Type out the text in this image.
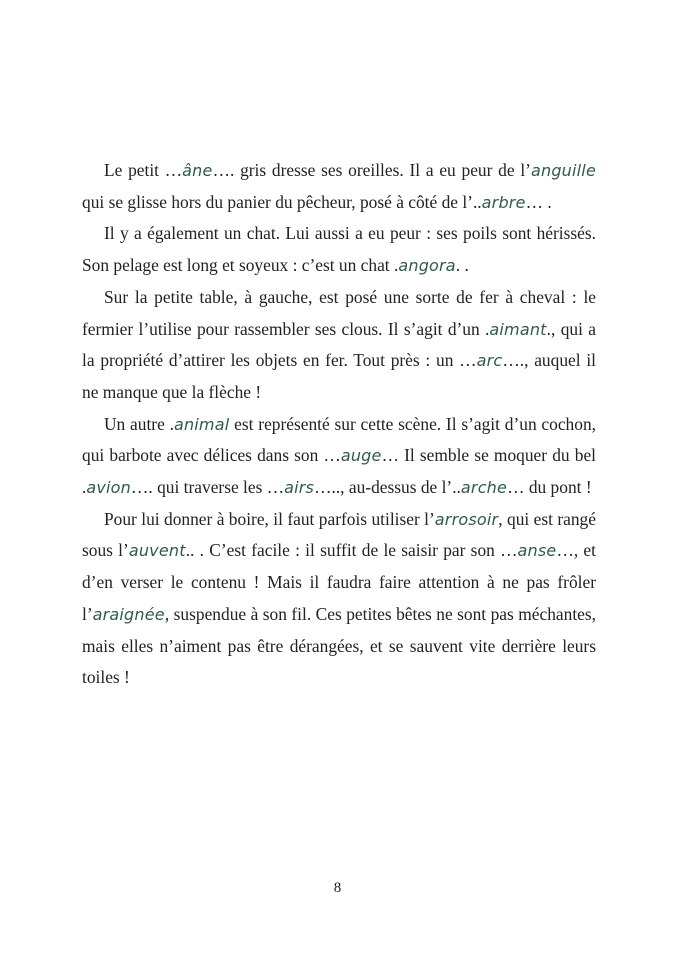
Le petit …âne…. gris dresse ses oreilles. Il a eu peur de l’anguille qui se glisse hors du panier du pêcheur, posé à côté de l’..arbre… .

Il y a également un chat. Lui aussi a eu peur : ses poils sont hérissés. Son pelage est long et soyeux : c’est un chat .angora. .

Sur la petite table, à gauche, est posé une sorte de fer à cheval : le fermier l’utilise pour rassembler ses clous. Il s’agit d’un .aimant., qui a la propriété d’attirer les objets en fer. Tout près : un …arc…., auquel il ne manque que la flèche !

Un autre .animal est représenté sur cette scène. Il s’agit d’un cochon, qui barbote avec délices dans son …auge… Il semble se moquer du bel .avion…. qui traverse les …airs….., au-dessus de l’..arche… du pont !

Pour lui donner à boire, il faut parfois utiliser l’arrosoir, qui est rangé sous l’auvent.. . C’est facile : il suffit de le saisir par son …anse…, et d’en verser le contenu ! Mais il faudra faire attention à ne pas frôler l’araignée, suspendue à son fil. Ces petites bêtes ne sont pas méchantes, mais elles n’aiment pas être dérangées, et se sauvent vite derrière leurs toiles !

8
